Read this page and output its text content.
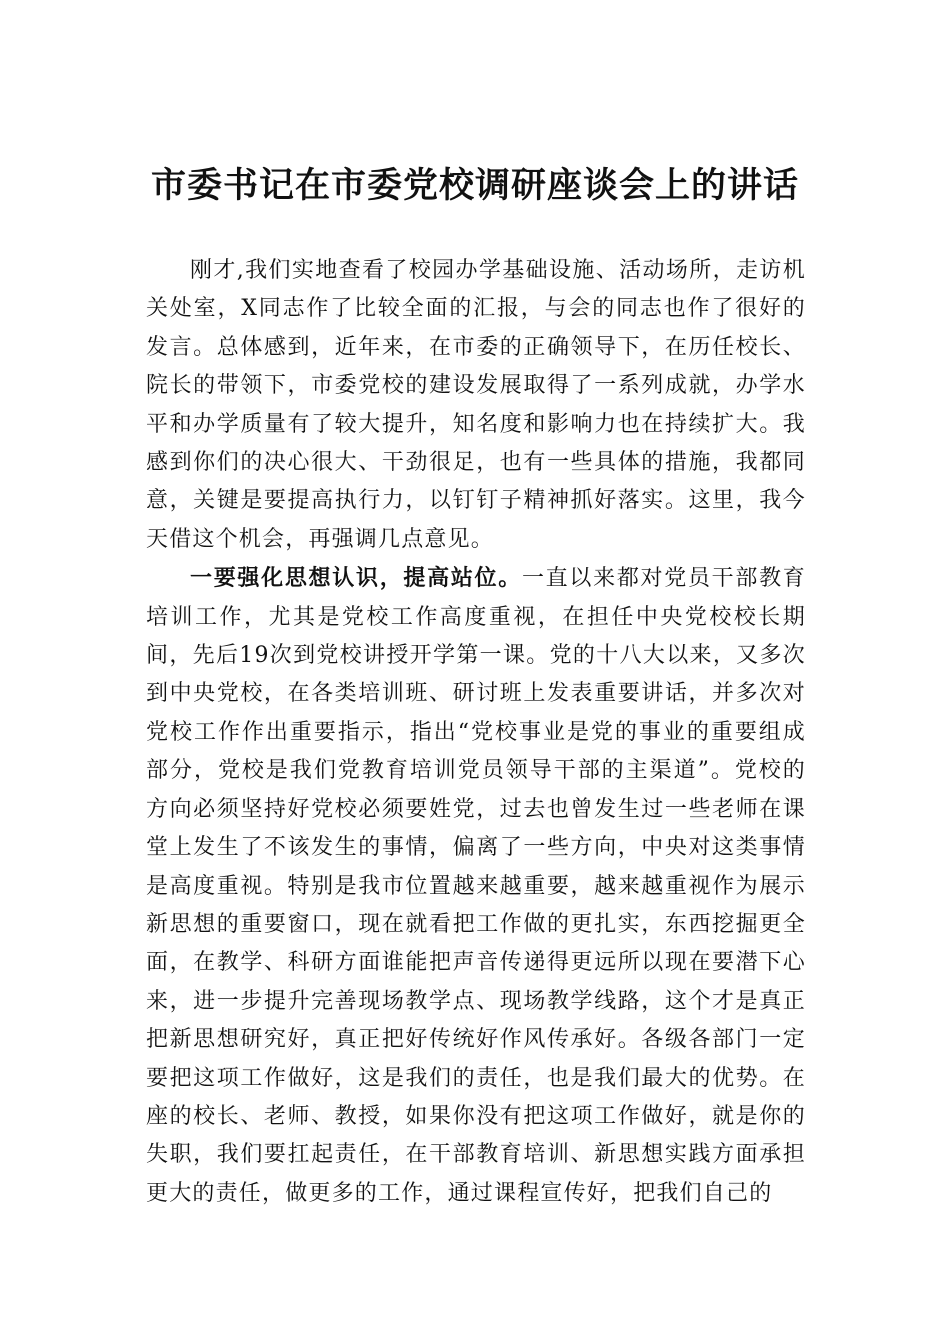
市委书记在市委党校调研座谈会上的讲话

刚才,我们实地查看了校园办学基础设施、活动场所，走访机关处室，X同志作了比较全面的汇报，与会的同志也作了很好的发言。总体感到，近年来，在市委的正确领导下，在历任校长、院长的带领下，市委党校的建设发展取得了一系列成就，办学水平和办学质量有了较大提升，知名度和影响力也在持续扩大。我感到你们的决心很大、干劲很足，也有一些具体的措施，我都同意，关键是要提高执行力，以钉钉子精神抓好落实。这里，我今天借这个机会，再强调几点意见。

一要强化思想认识，提高站位。一直以来都对党员干部教育培训工作，尤其是党校工作高度重视，在担任中央党校校长期间，先后19次到党校讲授开学第一课。党的十八大以来，又多次到中央党校，在各类培训班、研讨班上发表重要讲话，并多次对党校工作作出重要指示，指出“党校事业是党的事业的重要组成部分，党校是我们党教育培训党员领导干部的主渠道”。党校的方向必须坚持好党校必须要姓党，过去也曾发生过一些老师在课堂上发生了不该发生的事情，偏离了一些方向，中央对这类事情是高度重视。特别是我市位置越来越重要，越来越重视作为展示新思想的重要窗口，现在就看把工作做的更扎实，东西挖掘更全面，在教学、科研方面谁能把声音传递得更远所以现在要潜下心来，进一步提升完善现场教学点、现场教学线路，这个才是真正把新思想研究好，真正把好传统好作风传承好。各级各部门一定要把这项工作做好，这是我们的责任，也是我们最大的优势。在座的校长、老师、教授，如果你没有把这项工作做好，就是你的失职，我们要扛起责任，在干部教育培训、新思想实践方面承担更大的责任，做更多的工作，通过课程宣传好，把我们自己的
